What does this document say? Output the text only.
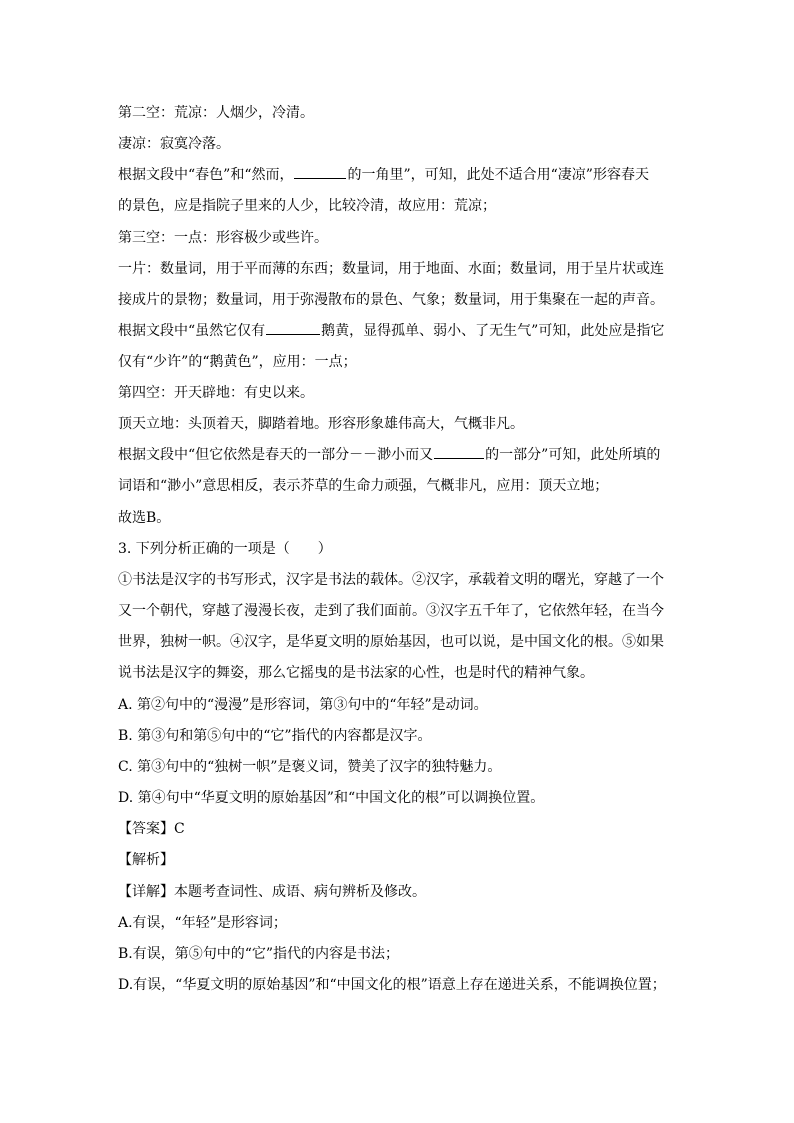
第二空：荒凉：人烟少，冷清。
凄凉：寂寞冷落。
根据文段中“春色”和“然而，	的一角里”，可知，此处不适合用“凄凉”形容春天
的景色，应是指院子里来的人少，比较冷清，故应用：荒凉；
第三空：一点：形容极少或些许。
一片：数量词，用于平而薄的东西；数量词，用于地面、水面；数量词，用于呈片状或连
接成片的景物；数量词，用于弥漫散布的景色、气象；数量词，用于集聚在一起的声音。
根据文段中“虽然它仅有	鹅黄，显得孤单、弱小、了无生气”可知，此处应是指它
仅有“少许”的“鹅黄色”，应用：一点；
第四空：开天辟地：有史以来。
顶天立地：头顶着天，脚踏着地。形容形象雄伟高大，气概非凡。
根据文段中“但它依然是春天的一部分－－渺小而又	的一部分”可知，此处所填的
词语和“渺小”意思相反，表示芥草的生命力顽强，气概非凡，应用：顶天立地；
故选B。
3. 下列分析正确的一项是（　　）
①书法是汉字的书写形式，汉字是书法的载体。②汉字，承载着文明的曙光，穿越了一个
又一个朝代，穿越了漫漫长夜，走到了我们面前。③汉字五千年了，它依然年轻，在当今
世界，独树一帜。④汉字，是华夏文明的原始基因，也可以说，是中国文化的根。⑤如果
说书法是汉字的舞姿，那么它摇曳的是书法家的心性，也是时代的精神气象。
A. 第②句中的“漫漫”是形容词，第③句中的“年轻”是动词。
B. 第③句和第⑤句中的“它”指代的内容都是汉字。
C. 第③句中的“独树一帜”是褒义词，赞美了汉字的独特魅力。
D. 第④句中“华夏文明的原始基因”和“中国文化的根”可以调换位置。
【答案】C
【解析】
【详解】本题考查词性、成语、病句辨析及修改。
A.有误，“年轻”是形容词；
B.有误，第⑤句中的“它”指代的内容是书法；
D.有误，“华夏文明的原始基因”和“中国文化的根”语意上存在递进关系，不能调换位置；
